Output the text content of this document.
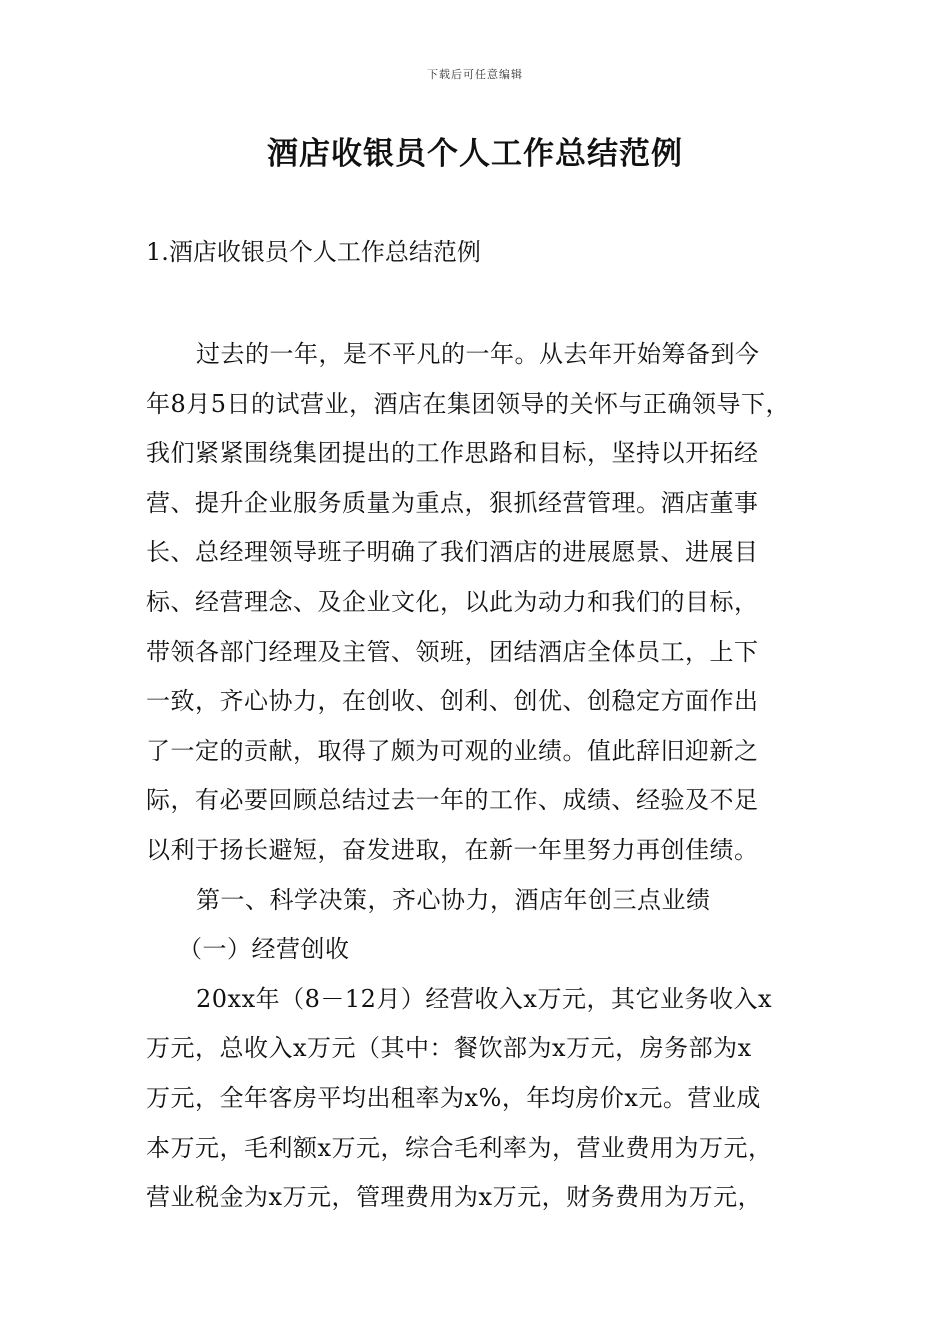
下载后可任意编辑
酒店收银员个人工作总结范例
1.酒店收银员个人工作总结范例
过去的一年，是不平凡的一年。从去年开始筹备到今
年8月5日的试营业，酒店在集团领导的关怀与正确领导下，
我们紧紧围绕集团提出的工作思路和目标，坚持以开拓经
营、提升企业服务质量为重点，狠抓经营管理。酒店董事
长、总经理领导班子明确了我们酒店的进展愿景、进展目
标、经营理念、及企业文化，以此为动力和我们的目标，
带领各部门经理及主管、领班，团结酒店全体员工，上下
一致，齐心协力，在创收、创利、创优、创稳定方面作出
了一定的贡献，取得了颇为可观的业绩。值此辞旧迎新之
际，有必要回顾总结过去一年的工作、成绩、经验及不足
以利于扬长避短，奋发进取，在新一年里努力再创佳绩。
第一、科学决策，齐心协力，酒店年创三点业绩
（一）经营创收
20xx年（8－12月）经营收入x万元，其它业务收入x
万元，总收入x万元（其中：餐饮部为x万元，房务部为x
万元，全年客房平均出租率为x%，年均房价x元。营业成
本万元，毛利额x万元，综合毛利率为，营业费用为万元，
营业税金为x万元，管理费用为x万元，财务费用为万元，
